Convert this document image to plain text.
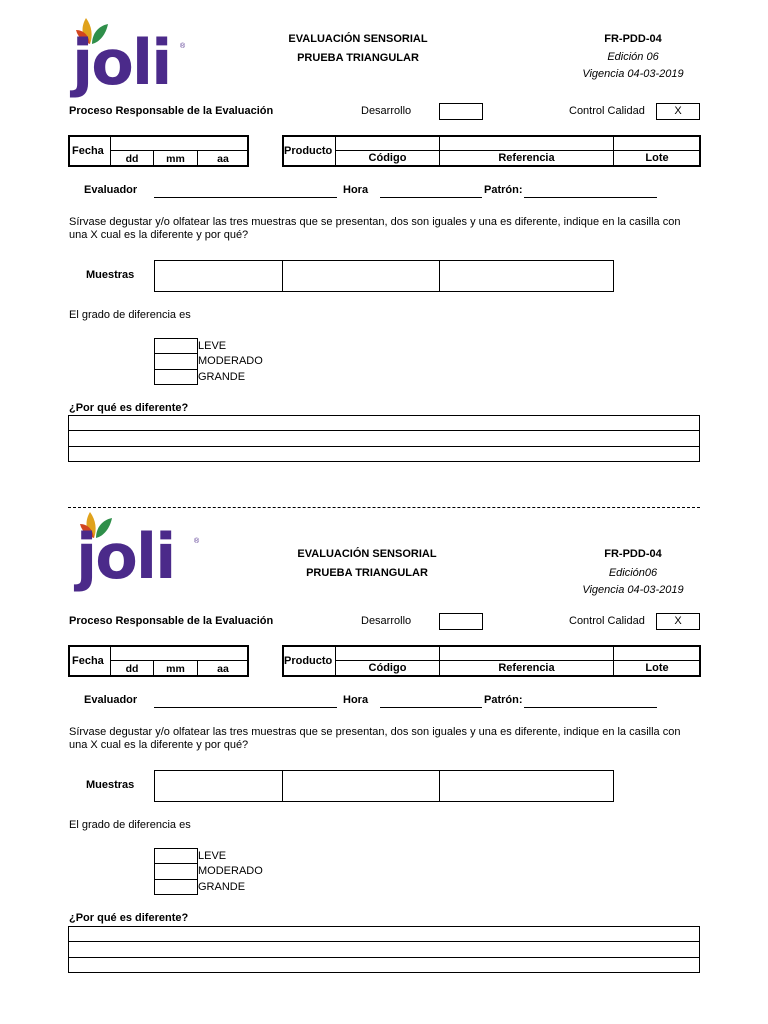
joli ®
EVALUACIÓN SENSORIAL
PRUEBA TRIANGULAR
FR-PDD-04
Edición 06
Vigencia 04-03-2019
Proceso Responsable de la Evaluación	Desarrollo	Control Calidad	X
Fecha
dd	mm	aa
Producto
Código	Referencia	Lote
Evaluador	Hora	Patrón:
Sírvase degustar y/o olfatear las tres muestras que se presentan, dos son iguales y una es diferente, indique en la casilla con
una X cual es la diferente y por qué?
Muestras
El grado de diferencia es
LEVE
MODERADO
GRANDE
¿Por qué es diferente?
joli	®
EVALUACIÓN SENSORIAL
PRUEBA TRIANGULAR
FR-PDD-04
Edición06
Vigencia 04-03-2019
Proceso Responsable de la Evaluación	Desarrollo	Control Calidad	X
Fecha
dd	mm	aa
Producto
Código	Referencia	Lote
Evaluador	Hora	Patrón:
Sírvase degustar y/o olfatear las tres muestras que se presentan, dos son iguales y una es diferente, indique en la casilla con
una X cual es la diferente y por qué?
Muestras
El grado de diferencia es
LEVE
MODERADO
GRANDE
¿Por qué es diferente?
